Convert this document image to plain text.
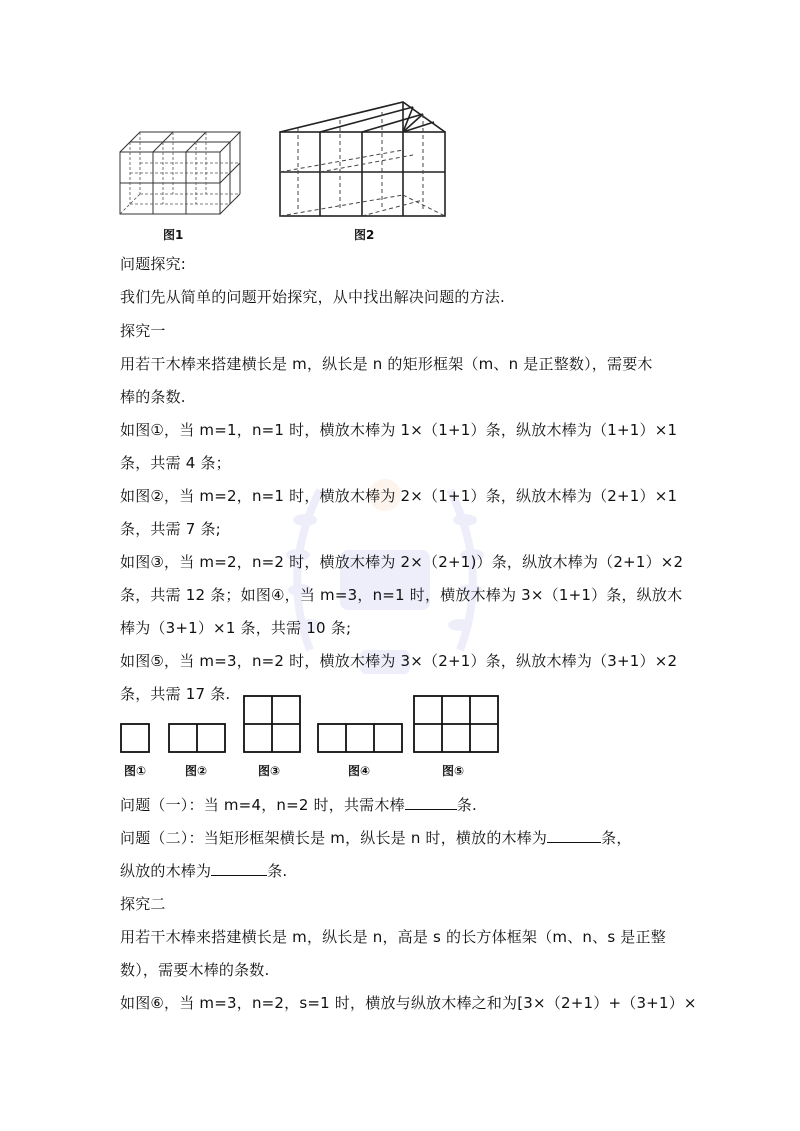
图1	图2
问题探究:
我们先从简单的问题开始探究，从中找出解决问题的方法.
探究一
用若干木棒来搭建横长是 m，纵长是 n 的矩形框架（m、n 是正整数），需要木
棒的条数.
如图①，当 m=1，n=1 时，横放木棒为 1×（1+1）条，纵放木棒为（1+1）×1
条，共需 4 条；
如图②，当 m=2，n=1 时，横放木棒为 2×（1+1）条，纵放木棒为（2+1）×1
条，共需 7 条;
如图③，当 m=2，n=2 时，横放木棒为 2×（2+1)）条，纵放木棒为（2+1）×2
条，共需 12 条；如图④，当 m=3，n=1 时，横放木棒为 3×（1+1）条，纵放木
棒为（3+1）×1 条，共需 10 条;
如图⑤，当 m=3，n=2 时，横放木棒为 3×（2+1）条，纵放木棒为（3+1）×2
条，共需 17 条.
图①	图②	图③	图④	图⑤
问题（一）：当 m=4，n=2 时，共需木棒	条.
问题（二）：当矩形框架横长是 m，纵长是 n 时，横放的木棒为	条，
纵放的木棒为	条.
探究二
用若干木棒来搭建横长是 m，纵长是 n，高是 s 的长方体框架（m、n、s 是正整
数），需要木棒的条数.
如图⑥，当 m=3，n=2，s=1 时，横放与纵放木棒之和为[3×（2+1）+（3+1）×
